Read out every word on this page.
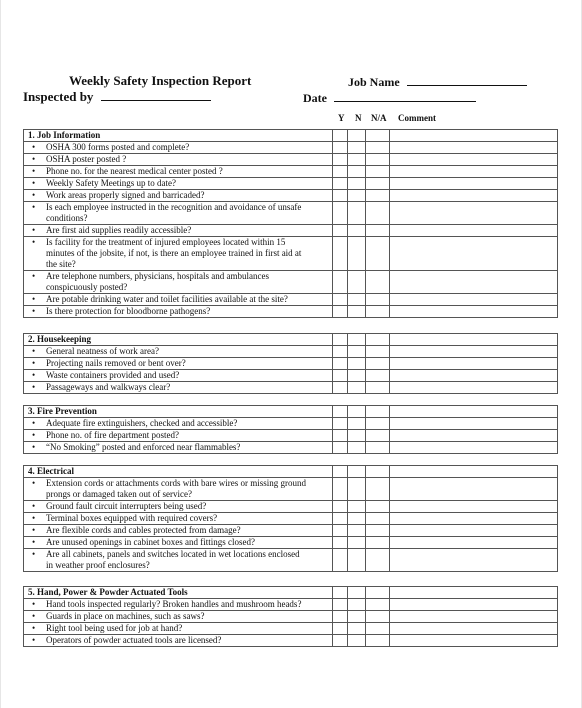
Weekly Safety Inspection Report	Job Name
Inspected by	Date
Y N N/A Comment
1. Job Information				

• OSHA 300 forms posted and complete?				

• OSHA poster posted ?				

• Phone no. for the nearest medical center posted ?				

• Weekly Safety Meetings up to date?				

• Work areas properly signed and barricaded?				

• Is each employee instructed in the recognition and avoidance of unsafe
conditions?				

• Are first aid supplies readily accessible?				

• Is facility for the treatment of injured employees located within 15
minutes of the jobsite, if not, is there an employee trained in first aid at
the site?				

• Are telephone numbers, physicians, hospitals and ambulances
conspicuously posted?				

• Are potable drinking water and toilet facilities available at the site?				

• Is there protection for bloodborne pathogens?				

2. Housekeeping				

• General neatness of work area?				

• Projecting nails removed or bent over?				

• Waste containers provided and used?				

• Passageways and walkways clear?				

3. Fire Prevention				

• Adequate fire extinguishers, checked and accessible?				

• Phone no. of fire department posted?				

• “No Smoking” posted and enforced near flammables?				

4. Electrical				

• Extension cords or attachments cords with bare wires or missing ground
prongs or damaged taken out of service?				

• Ground fault circuit interrupters being used?				

• Terminal boxes equipped with required covers?				

• Are flexible cords and cables protected from damage?				

• Are unused openings in cabinet boxes and fittings closed?				

• Are all cabinets, panels and switches located in wet locations enclosed
in weather proof enclosures?				

5. Hand, Power & Powder Actuated Tools				

• Hand tools inspected regularly? Broken handles and mushroom heads?				

• Guards in place on machines, such as saws?				

• Right tool being used for job at hand?				

• Operators of powder actuated tools are licensed?				
